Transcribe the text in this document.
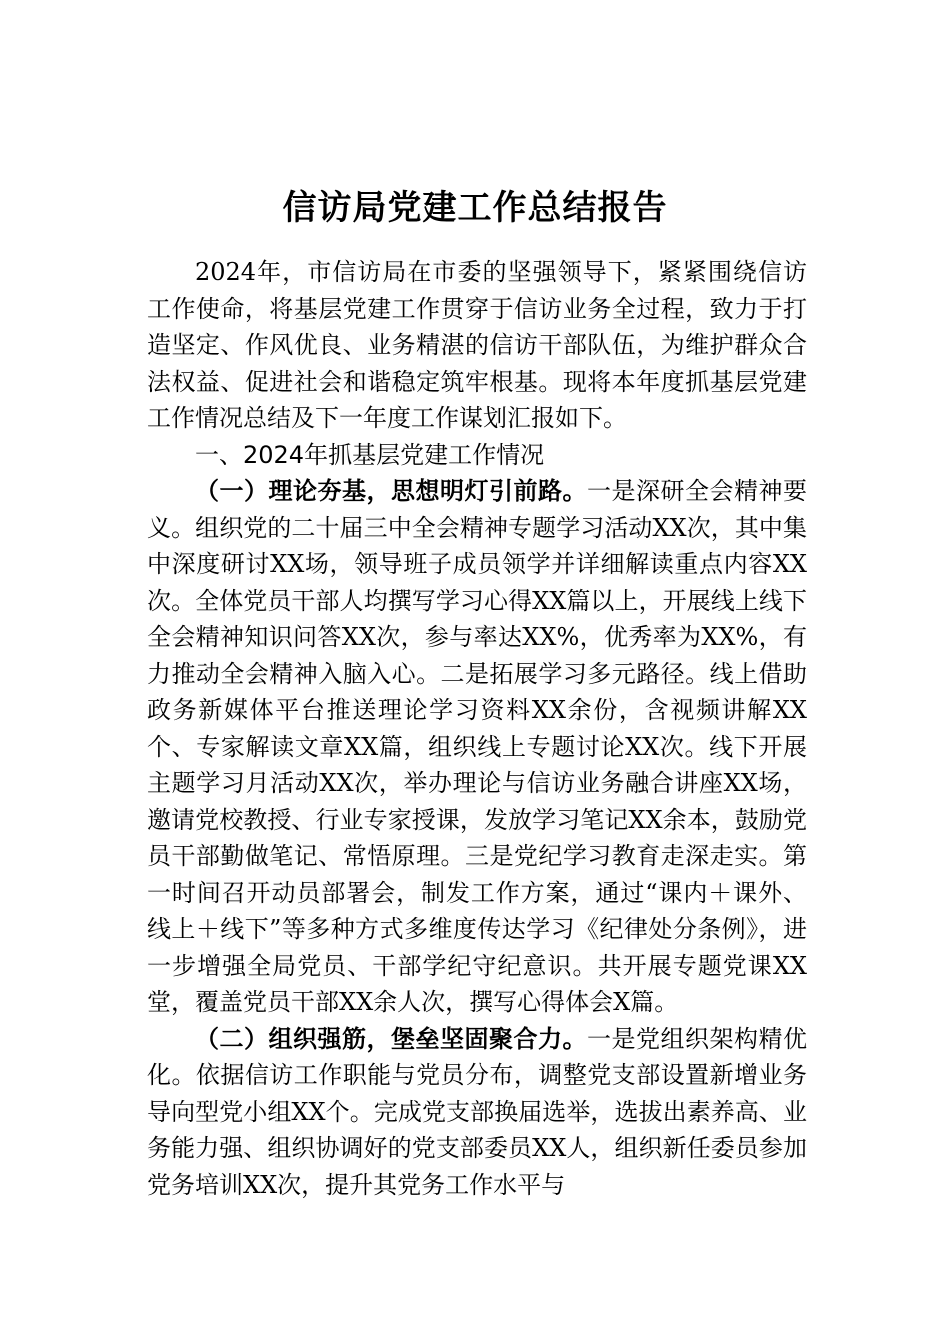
信访局党建工作总结报告

2024年，市信访局在市委的坚强领导下，紧紧围绕信访工作使命，将基层党建工作贯穿于信访业务全过程，致力于打造坚定、作风优良、业务精湛的信访干部队伍，为维护群众合法权益、促进社会和谐稳定筑牢根基。现将本年度抓基层党建工作情况总结及下一年度工作谋划汇报如下。

一、2024年抓基层党建工作情况

（一）理论夯基，思想明灯引前路。一是深研全会精神要义。组织党的二十届三中全会精神专题学习活动XX次，其中集中深度研讨XX场，领导班子成员领学并详细解读重点内容XX次。全体党员干部人均撰写学习心得XX篇以上，开展线上线下全会精神知识问答XX次，参与率达XX%，优秀率为XX%，有力推动全会精神入脑入心。二是拓展学习多元路径。线上借助政务新媒体平台推送理论学习资料XX余份，含视频讲解XX个、专家解读文章XX篇，组织线上专题讨论XX次。线下开展主题学习月活动XX次，举办理论与信访业务融合讲座XX场，邀请党校教授、行业专家授课，发放学习笔记XX余本，鼓励党员干部勤做笔记、常悟原理。三是党纪学习教育走深走实。第一时间召开动员部署会，制发工作方案，通过“课内＋课外、线上＋线下”等多种方式多维度传达学习《纪律处分条例》，进一步增强全局党员、干部学纪守纪意识。共开展专题党课XX堂，覆盖党员干部XX余人次，撰写心得体会X篇。

（二）组织强筋，堡垒坚固聚合力。一是党组织架构精优化。依据信访工作职能与党员分布，调整党支部设置新增业务导向型党小组XX个。完成党支部换届选举，选拔出素养高、业务能力强、组织协调好的党支部委员XX人，组织新任委员参加党务培训XX次，提升其党务工作水平与
